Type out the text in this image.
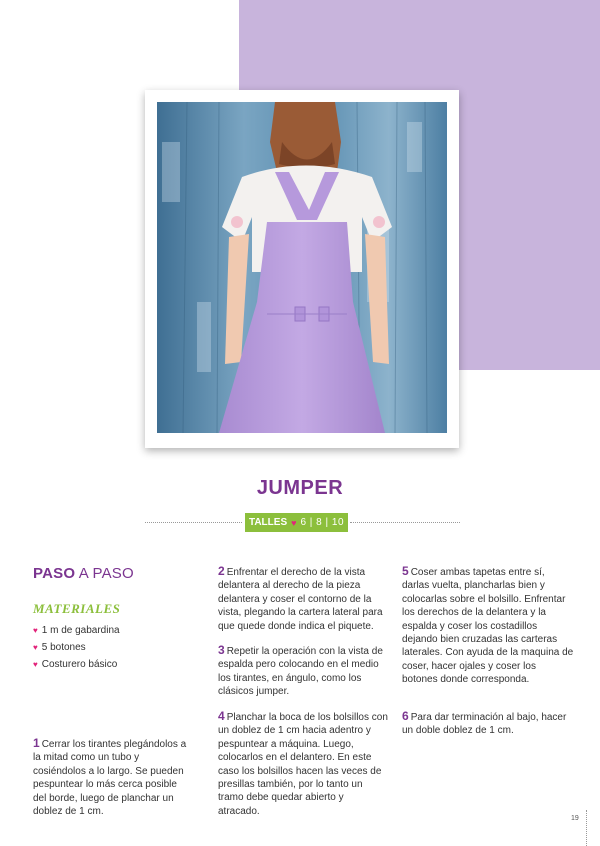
JUMPER
TALLES ♥ 6 | 8 | 10
PASO A PASO
MATERIALES
♥ 1 m de gabardina
♥ 5 botones
♥ Costurero básico

1 Cerrar los tirantes plegándolos a la mitad como un tubo y cosiéndolos a lo largo. Se pueden pespuntear lo más cerca posible del borde, luego de planchar un doblez de 1 cm.

2 Enfrentar el derecho de la vista delantera al derecho de la pieza delantera y coser el contorno de la vista, plegando la cartera lateral para que quede donde indica el piquete.

3 Repetir la operación con la vista de espalda pero colocando en el medio los tirantes, en ángulo, como los clásicos jumper.

4 Planchar la boca de los bolsillos con un doblez de 1 cm hacia adentro y pespuntear a máquina. Luego, colocarlos en el delantero. En este caso los bolsillos hacen las veces de presillas también, por lo tanto un tramo debe quedar abierto y atracado.

5 Coser ambas tapetas entre sí, darlas vuelta, plancharlas bien y colocarlas sobre el bolsillo. Enfrentar los derechos de la delantera y la espalda y coser los costadillos dejando bien cruzadas las carteras laterales. Con ayuda de la maquina de coser, hacer ojales y coser los botones donde corresponda.

6 Para dar terminación al bajo, hacer un doble doblez de 1 cm.

19
